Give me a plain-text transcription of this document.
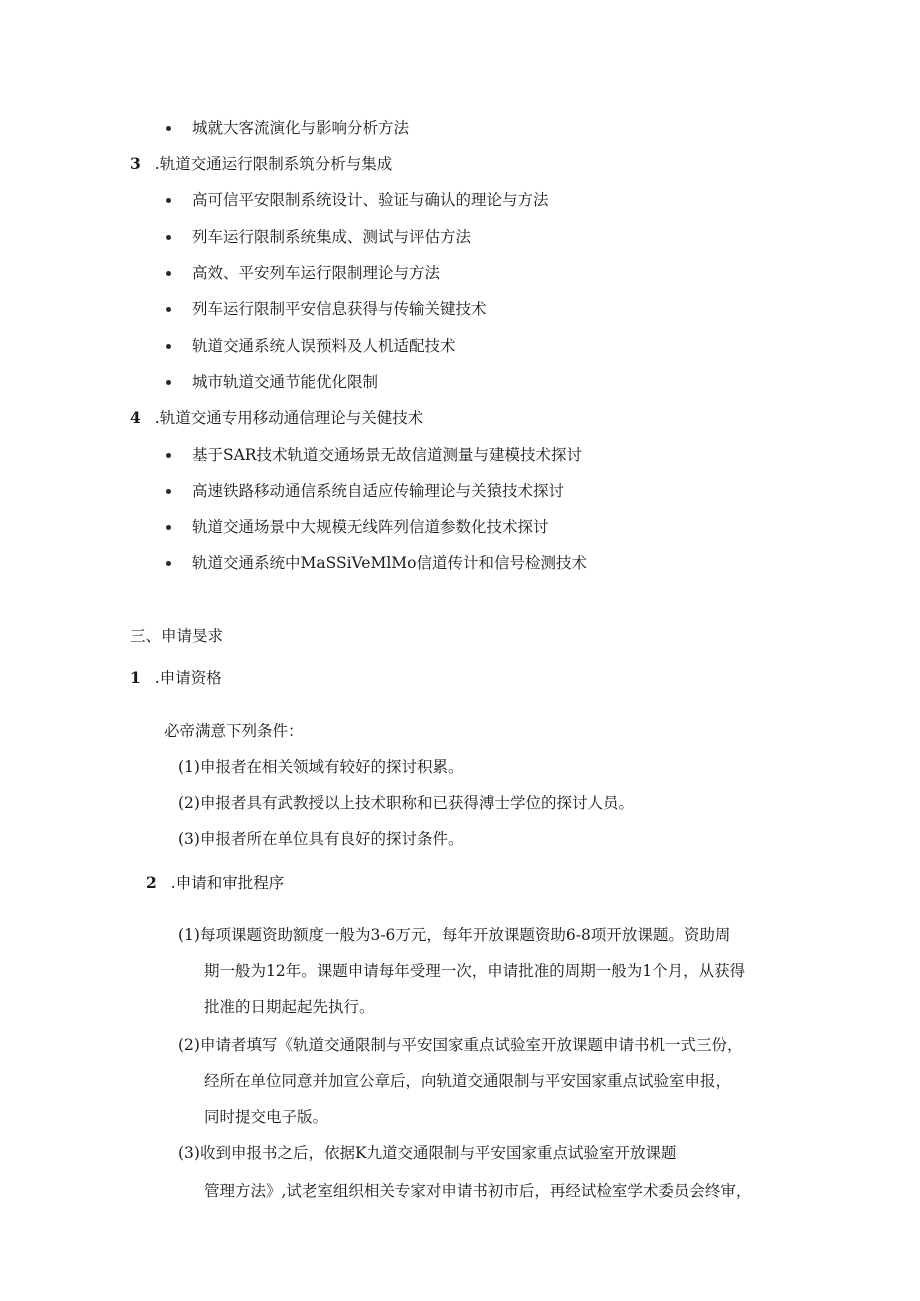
城就大客流演化与影响分析方法
3 .轨道交通运行限制系筑分析与集成
高可信平安限制系统设计、验证与确认的理论与方法
列车运行限制系统集成、测试与评估方法
高效、平安列车运行限制理论与方法
列车运行限制平安信息获得与传输关键技术
轨道交通系统人误预料及人机适配技术
城市轨道交通节能优化限制
4 .轨道交通专用移动通信理论与关健技术
基于SAR技术轨道交通场景无故信道测量与建模技术探讨
高速铁路移动通信系统自适应传输理论与关猿技术探讨
轨道交通场景中大规模无线阵列信道参数化技术探讨
轨道交通系统中MaSSiVeMlMo信道传计和信号检测技术
三、申请旻求
1 .申请资格
必帝满意下列条件：
(1)申报者在相关领域有较好的探讨积累。
(2)申报者具有武教授以上技术职称和已获得溥士学位的探讨人员。
(3)申报者所在单位具有良好的探讨条件。
2 .申请和审批程序
(1)每项课题资助额度一般为3-6万元，每年开放课题资助6-8项开放课题。资助周
期一般为12年。课题申请每年受理一次，申请批准的周期一般为1个月，从获得
批准的日期起起先执行。
(2)申请者填写《轨道交通限制与平安国家重点试验室开放课题申请书机一式三份，
经所在单位同意并加宣公章后，向轨道交通限制与平安国家重点试验室申报，
同时提交电子版。
(3)收到申报书之后，依据K九道交通限制与平安国家重点试验室开放课题
管理方法》,试老室组织相关专家对申请书初市后，再经试检室学术委员会终审，
